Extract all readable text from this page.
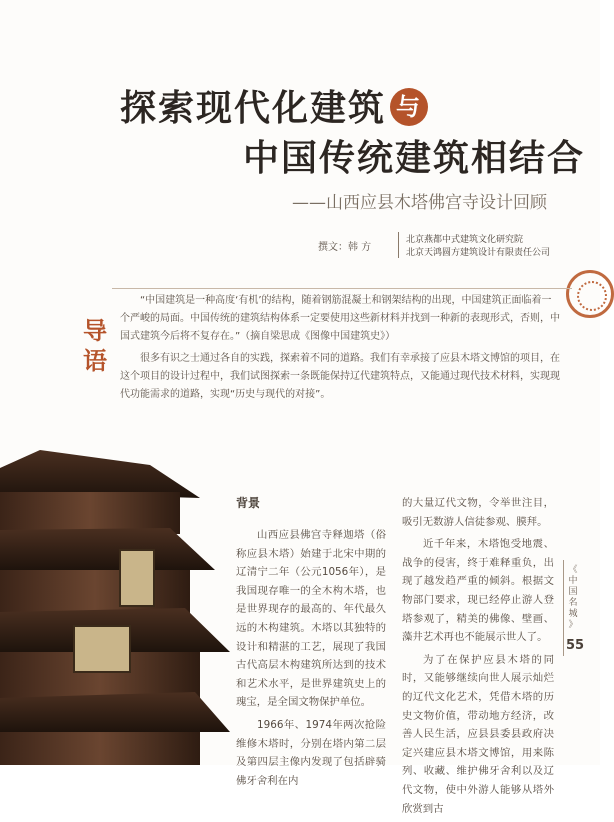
探索现代化建筑 与
中国传统建筑相结合
——山西应县木塔佛宫寺设计回顾
撰文：韩 方
北京燕都中式建筑文化研究院
北京天鸿圆方建筑设计有限责任公司
导
语

“中国建筑是一种高度‘有机’的结构，随着钢筋混凝土和钢架结构的出现，中国建筑正面临着一个严峻的局面。中国传统的建筑结构体系一定要使用这些新材料并找到一种新的表现形式，否则，中国式建筑今后将不复存在。”（摘自梁思成《图像中国建筑史》）

很多有识之士通过各自的实践，探索着不同的道路。我们有幸承接了应县木塔文博馆的项目，在这个项目的设计过程中，我们试图探索一条既能保持辽代建筑特点，又能通过现代技术材料，实现现代功能需求的道路，实现“历史与现代的对接”。

背景

山西应县佛宫寺释迦塔（俗称应县木塔）始建于北宋中期的辽清宁二年（公元1056年），是我国现存唯一的全木构木塔，也是世界现存的最高的、年代最久远的木构建筑。木塔以其独特的设计和精湛的工艺，展现了我国古代高层木构建筑所达到的技术和艺术水平，是世界建筑史上的瑰宝，是全国文物保护单位。

1966年、1974年两次抢险维修木塔时，分别在塔内第二层及第四层主像内发现了包括辟骑佛牙舍利在内

的大量辽代文物，令举世注目，吸引无数游人信徒参观、膜拜。

近千年来，木塔饱受地震、战争的侵害，终于难释重负，出现了越发趋严重的倾斜。根据文物部门要求，现已经停止游人登塔参观了，精美的佛像、壁画、藻井艺术再也不能展示世人了。

为了在保护应县木塔的同时，又能够继续向世人展示灿烂的辽代文化艺术，凭借木塔的历史文物价值，带动地方经济，改善人民生活，应县县委县政府决定兴建应县木塔文博馆，用来陈列、收藏、维护佛牙舍利以及辽代文物，使中外游人能够从塔外欣赏到古

《
中
国
名
城
》
55
